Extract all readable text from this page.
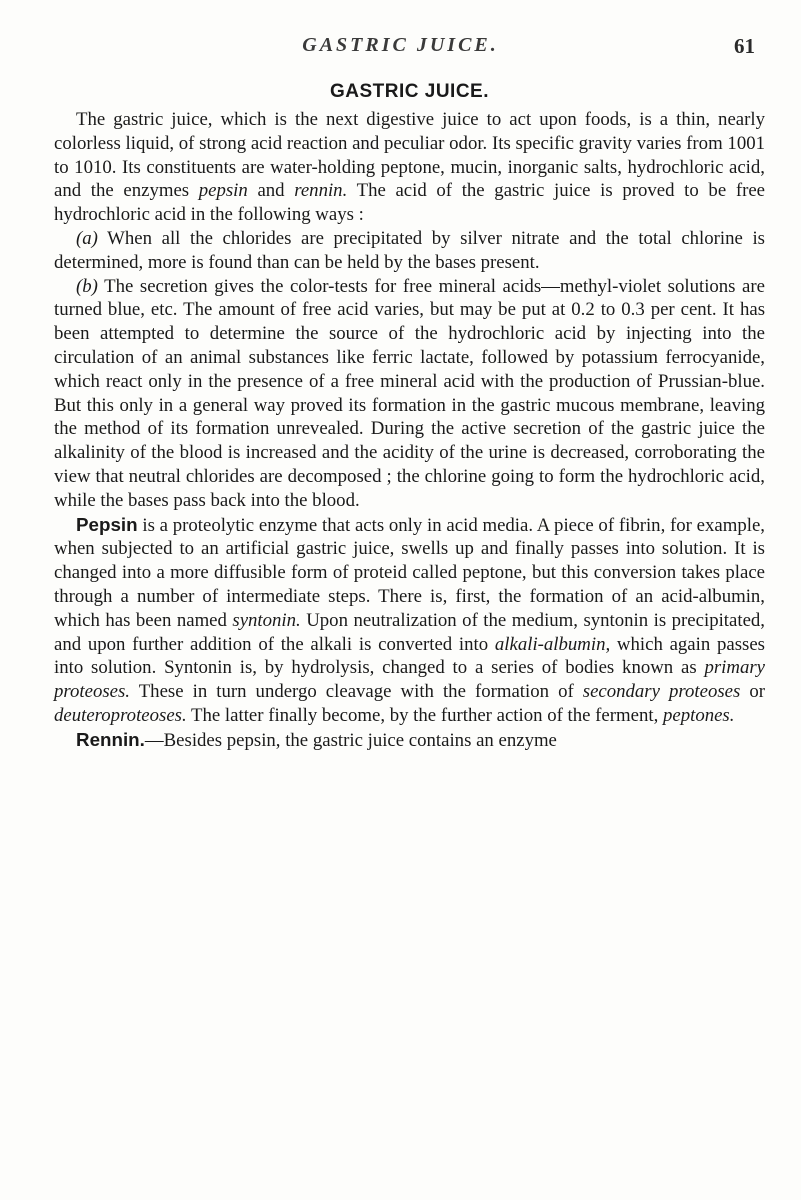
GASTRIC JUICE.	61
GASTRIC JUICE.

The gastric juice, which is the next digestive juice to act upon foods, is a thin, nearly colorless liquid, of strong acid reaction and peculiar odor. Its specific gravity varies from 1001 to 1010. Its constituents are water-holding peptone, mucin, inorganic salts, hydrochloric acid, and the enzymes pepsin and rennin. The acid of the gastric juice is proved to be free hydrochloric acid in the following ways :

(a) When all the chlorides are precipitated by silver nitrate and the total chlorine is determined, more is found than can be held by the bases present.

(b) The secretion gives the color-tests for free mineral acids—methyl-violet solutions are turned blue, etc. The amount of free acid varies, but may be put at 0.2 to 0.3 per cent. It has been attempted to determine the source of the hydrochloric acid by injecting into the circulation of an animal substances like ferric lactate, followed by potassium ferrocyanide, which react only in the presence of a free mineral acid with the production of Prussian-blue. But this only in a general way proved its formation in the gastric mucous membrane, leaving the method of its formation unrevealed. During the active secretion of the gastric juice the alkalinity of the blood is increased and the acidity of the urine is decreased, corroborating the view that neutral chlorides are decomposed ; the chlorine going to form the hydrochloric acid, while the bases pass back into the blood.

Pepsin is a proteolytic enzyme that acts only in acid media. A piece of fibrin, for example, when subjected to an artificial gastric juice, swells up and finally passes into solution. It is changed into a more diffusible form of proteid called peptone, but this conversion takes place through a number of intermediate steps. There is, first, the formation of an acid-albumin, which has been named syntonin. Upon neutralization of the medium, syntonin is precipitated, and upon further addition of the alkali is converted into alkali-albumin, which again passes into solution. Syntonin is, by hydrolysis, changed to a series of bodies known as primary proteoses. These in turn undergo cleavage with the formation of secondary proteoses or deuteroproteoses. The latter finally become, by the further action of the ferment, peptones.

Rennin.—Besides pepsin, the gastric juice contains an enzyme
